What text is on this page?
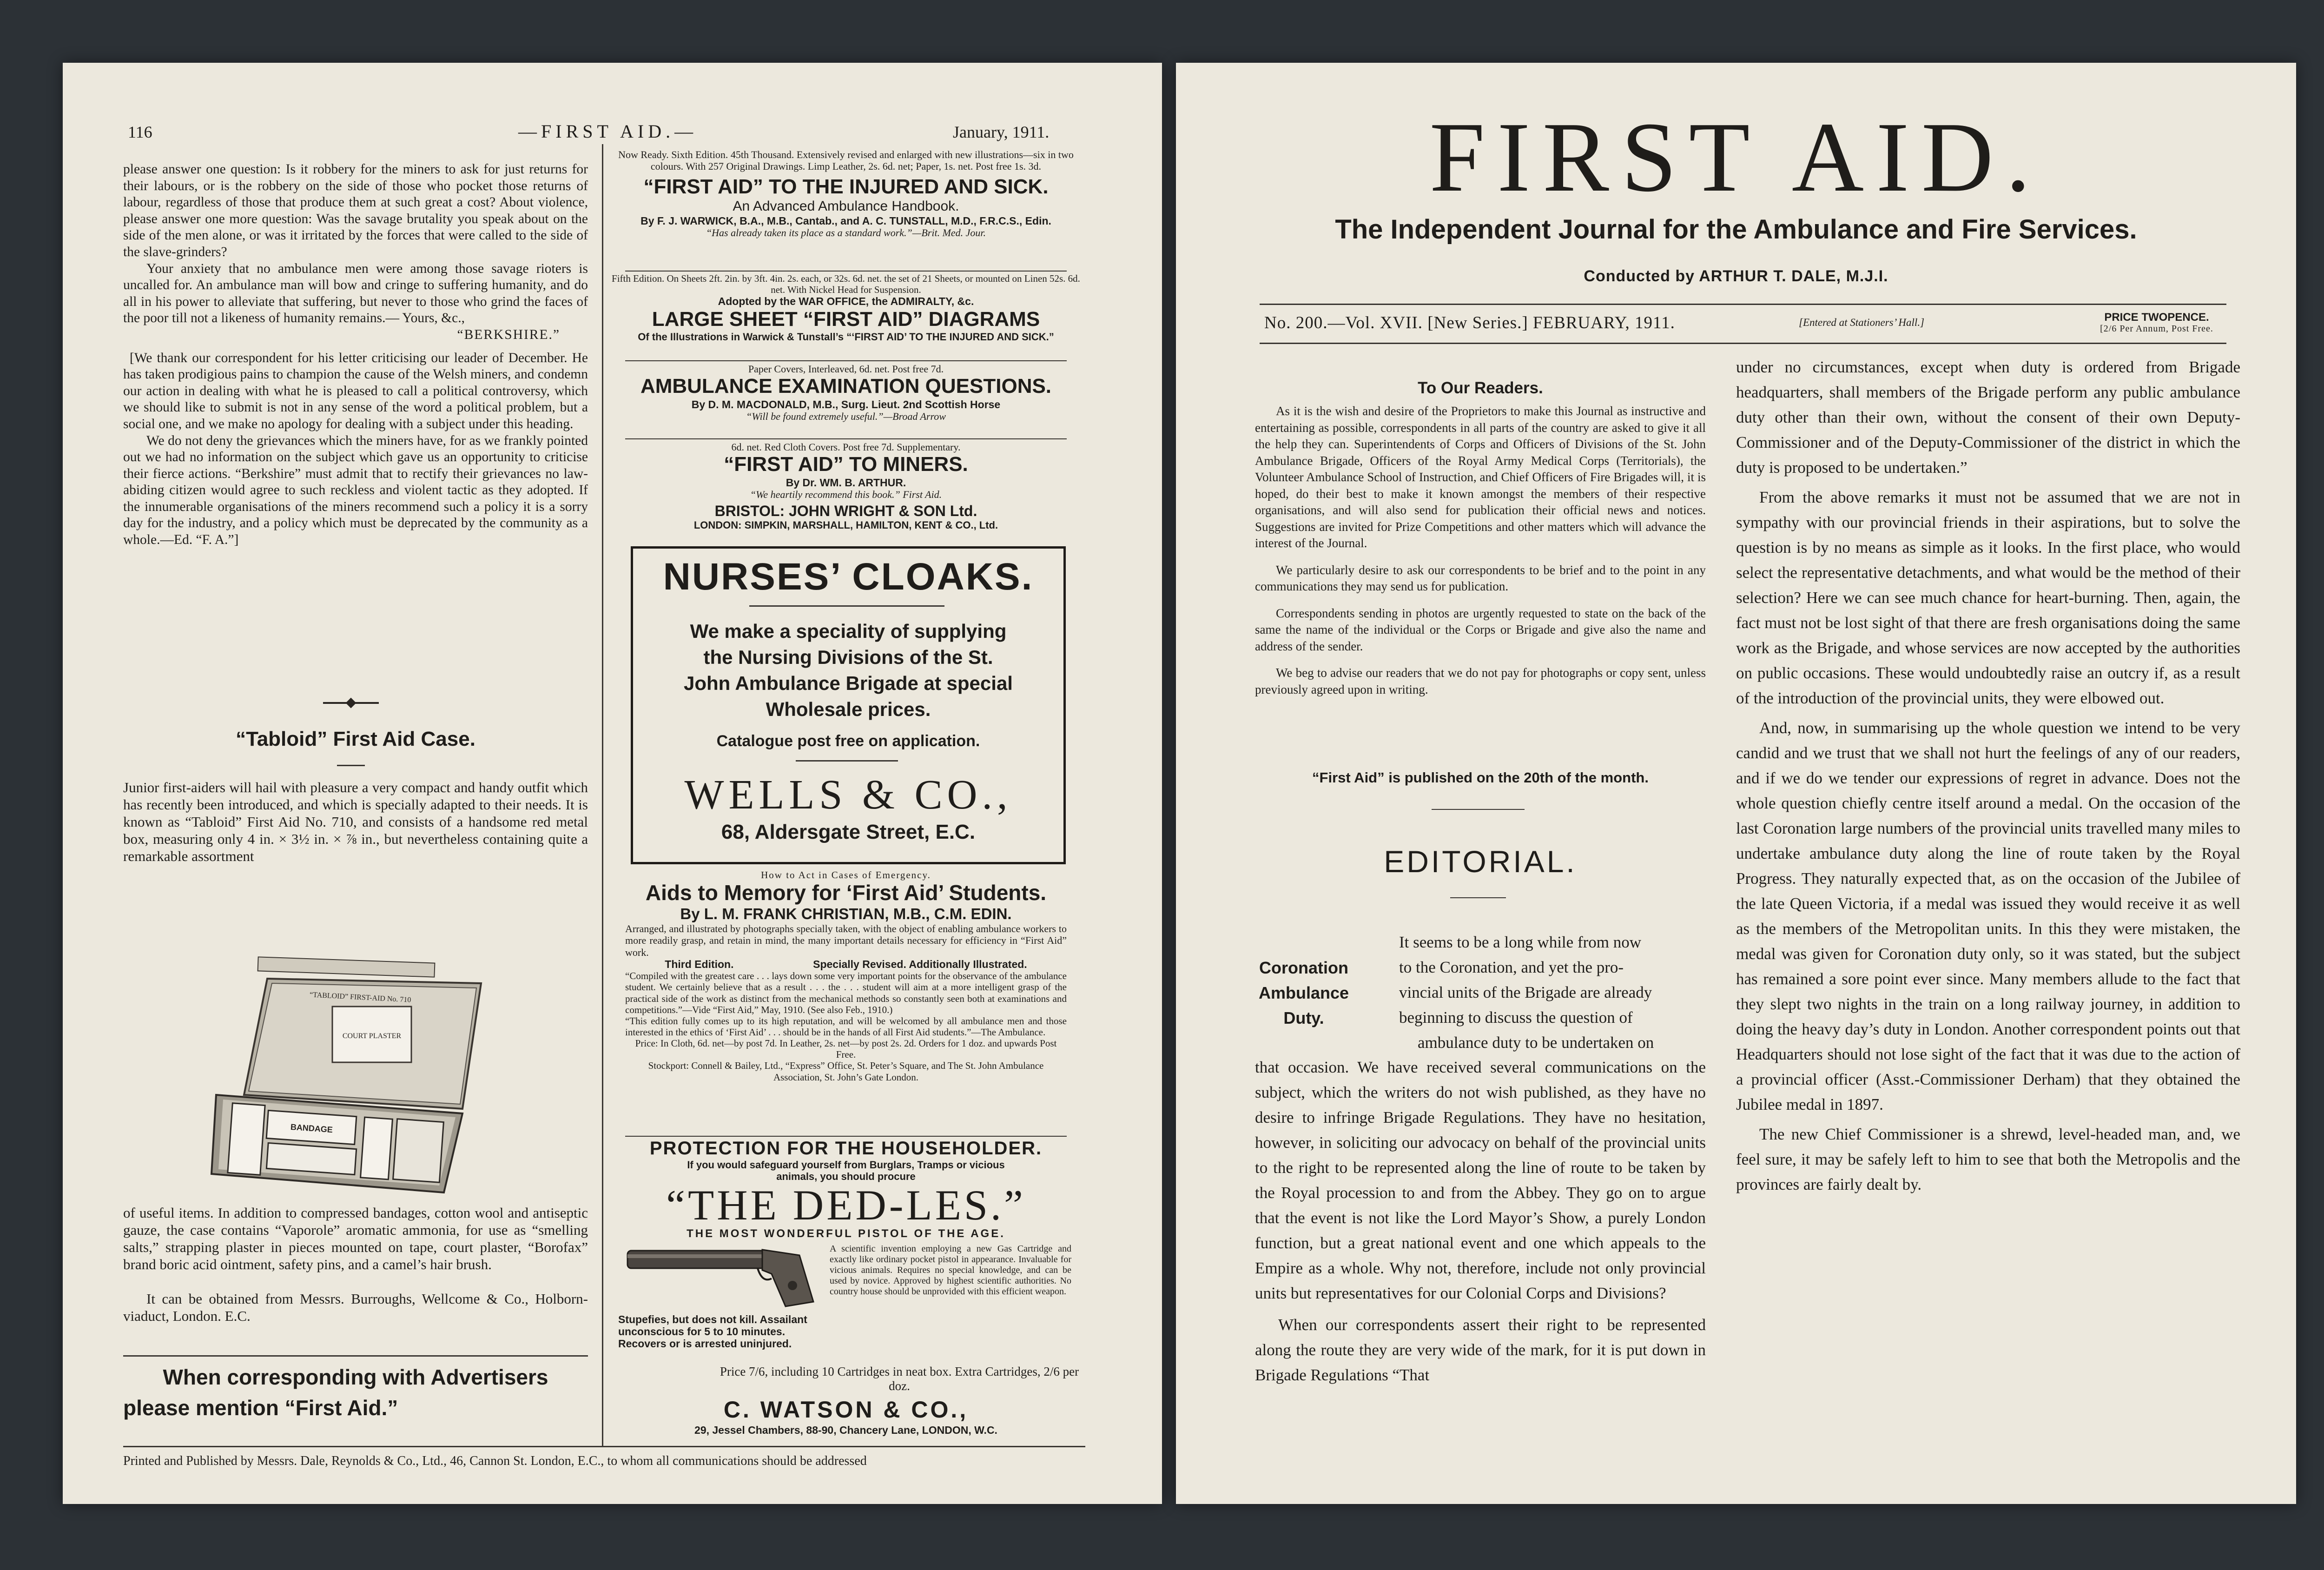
116	—FIRST AID.—	January, 1911.

please answer one question: Is it robbery for the miners to ask for just returns for their labours, or is the robbery on the side of those who pocket those returns of labour, regardless of those that produce them at such great a cost? About violence, please answer one more question: Was the savage brutality you speak about on the side of the men alone, or was it irritated by the forces that were called to the side of the slave-grinders?

Your anxiety that no ambulance men were among those savage rioters is uncalled for. An ambulance man will bow and cringe to suffering humanity, and do all in his power to alleviate that suffering, but never to those who grind the faces of the poor till not a likeness of humanity remains.— Yours, &c.,

“BERKSHIRE.”

[We thank our correspondent for his letter criticising our leader of December. He has taken prodigious pains to champion the cause of the Welsh miners, and condemn our action in dealing with what he is pleased to call a political controversy, which we should like to submit is not in any sense of the word a political problem, but a social one, and we make no apology for dealing with a subject under this heading.

We do not deny the grievances which the miners have, for as we frankly pointed out we had no information on the subject which gave us an opportunity to criticise their fierce actions. “Berkshire” must admit that to rectify their grievances no law-abiding citizen would agree to such reckless and violent tactic as they adopted. If the innumerable organisations of the miners recommend such a policy it is a sorry day for the industry, and a policy which must be deprecated by the community as a whole.—Ed. “F. A.”]

“Tabloid” First Aid Case.
Junior first-aiders will hail with pleasure a very compact and handy outfit which has recently been introduced, and which is specially adapted to their needs. It is known as “Tabloid” First Aid No. 710, and consists of a handsome red metal box, measuring only 4 in. × 3½ in. × ⅞ in., but nevertheless containing quite a remarkable assortment
COURT PLASTER
“TABLOID” FIRST-AID No. 710
BANDAGE
of useful items. In addition to compressed bandages, cotton wool and antiseptic gauze, the case contains “Vaporole” aromatic ammonia, for use as “smelling salts,” strapping plaster in pieces mounted on tape, court plaster, “Borofax” brand boric acid ointment, safety pins, and a camel’s hair brush.
It can be obtained from Messrs. Burroughs, Wellcome & Co., Holborn-viaduct, London. E.C.
When corresponding with Advertisers
please mention “First Aid.”
Now Ready. Sixth Edition. 45th Thousand. Extensively revised and enlarged with new illustrations—six in two colours. With 257 Original Drawings. Limp Leather, 2s. 6d. net; Paper, 1s. net. Post free 1s. 3d.
“FIRST AID” TO THE INJURED AND SICK.
An Advanced Ambulance Handbook.
By F. J. WARWICK, B.A., M.B., Cantab., and A. C. TUNSTALL, M.D., F.R.C.S., Edin.
“Has already taken its place as a standard work.”—Brit. Med. Jour.
Fifth Edition. On Sheets 2ft. 2in. by 3ft. 4in. 2s. each, or 32s. 6d. net. the set of 21 Sheets, or mounted on Linen 52s. 6d. net. With Nickel Head for Suspension.
Adopted by the WAR OFFICE, the ADMIRALTY, &c.
LARGE SHEET “FIRST AID” DIAGRAMS
Of the Illustrations in Warwick & Tunstall’s “‘FIRST AID’ TO THE INJURED AND SICK.”
Paper Covers, Interleaved, 6d. net. Post free 7d.
AMBULANCE EXAMINATION QUESTIONS.
By D. M. MACDONALD, M.B., Surg. Lieut. 2nd Scottish Horse
“Will be found extremely useful.”—Broad Arrow
6d. net. Red Cloth Covers. Post free 7d. Supplementary.
“FIRST AID” TO MINERS.
By Dr. WM. B. ARTHUR.
“We heartily recommend this book.” First Aid.
BRISTOL: JOHN WRIGHT & SON Ltd.
LONDON: SIMPKIN, MARSHALL, HAMILTON, KENT & CO., Ltd.
NURSES’ CLOAKS.
We make a speciality of supplying
the Nursing Divisions of the St.
John Ambulance Brigade at special
Wholesale prices.
Catalogue post free on application.
WELLS & CO.,
68, Aldersgate Street, E.C.
How to Act in Cases of Emergency.
Aids to Memory for ‘First Aid’ Students.
By L. M. FRANK CHRISTIAN, M.B., C.M. EDIN.
Arranged, and illustrated by photographs specially taken, with the object of enabling ambulance workers to more readily grasp, and retain in mind, the many important details necessary for efficiency in “First Aid” work.
Third Edition.	Specially Revised. Additionally Illustrated.
“Compiled with the greatest care . . . lays down some very important points for the observance of the ambulance student. We certainly believe that as a result . . . the . . . student will aim at a more intelligent grasp of the practical side of the work as distinct from the mechanical methods so constantly seen both at examinations and competitions.”—Vide “First Aid,” May, 1910. (See also Feb., 1910.)
“This edition fully comes up to its high reputation, and will be welcomed by all ambulance men and those interested in the ethics of ‘First Aid’ . . . should be in the hands of all First Aid students.”—The Ambulance.
Price: In Cloth, 6d. net—by post 7d. In Leather, 2s. net—by post 2s. 2d. Orders for 1 doz. and upwards Post Free.
Stockport: Connell & Bailey, Ltd., “Express” Office, St. Peter’s Square, and The St. John Ambulance Association, St. John’s Gate London.
PROTECTION FOR THE HOUSEHOLDER.
If you would safeguard yourself from Burglars, Tramps or vicious animals, you should procure
“THE DED-LES.”
THE MOST WONDERFUL PISTOL OF THE AGE.
A scientific invention employing a new Gas Cartridge and exactly like ordinary pocket pistol in appearance. Invaluable for vicious animals. Requires no special knowledge, and can be used by novice. Approved by highest scientific authorities. No country house should be unprovided with this efficient weapon.
Stupefies, but does not kill. Assailant unconscious for 5 to 10 minutes. Recovers or is arrested uninjured.
Price 7/6, including 10 Cartridges in neat box. Extra Cartridges, 2/6 per doz.
C. WATSON & CO.,
29, Jessel Chambers, 88-90, Chancery Lane, LONDON, W.C.
Printed and Published by Messrs. Dale, Reynolds & Co., Ltd., 46, Cannon St. London, E.C., to whom all communications should be addressed
FIRST AID.
The Independent Journal for the Ambulance and Fire Services.
Conducted by ARTHUR T. DALE, M.J.I.
No. 200.—Vol. XVII. [New Series.] FEBRUARY, 1911.	[Entered at Stationers’ Hall.]	PRICE TWOPENCE.
[2/6 Per Annum, Post Free.
To Our Readers.

As it is the wish and desire of the Proprietors to make this Journal as instructive and entertaining as possible, correspondents in all parts of the country are asked to give it all the help they can. Superintendents of Corps and Officers of Divisions of the St. John Ambulance Brigade, Officers of the Royal Army Medical Corps (Territorials), the Volunteer Ambulance School of Instruction, and Chief Officers of Fire Brigades will, it is hoped, do their best to make it known amongst the members of their respective organisations, and will also send for publication their official news and notices. Suggestions are invited for Prize Competitions and other matters which will advance the interest of the Journal.

We particularly desire to ask our correspondents to be brief and to the point in any communications they may send us for publication.

Correspondents sending in photos are urgently requested to state on the back of the same the name of the individual or the Corps or Brigade and give also the name and address of the sender.

We beg to advise our readers that we do not pay for photographs or copy sent, unless previously agreed upon in writing.

“First Aid” is published on the 20th of the month.
EDITORIAL.
Coronation
Ambulance
Duty.
It seems to be a long while from now
to the Coronation, and yet the pro-
vincial units of the Brigade are already
beginning to discuss the question of
ambulance duty to be undertaken on

that occasion. We have received several communications on the subject, which the writers do not wish published, as they have no desire to infringe Brigade Regulations. They have no hesitation, however, in soliciting our advocacy on behalf of the provincial units to the right to be represented along the line of route to be taken by the Royal procession to and from the Abbey. They go on to argue that the event is not like the Lord Mayor’s Show, a purely London function, but a great national event and one which appeals to the Empire as a whole. Why not, therefore, include not only provincial units but representatives for our Colonial Corps and Divisions?

When our correspondents assert their right to be represented along the route they are very wide of the mark, for it is put down in Brigade Regulations “That

under no circumstances, except when duty is ordered from Brigade headquarters, shall members of the Brigade perform any public ambulance duty other than their own, without the consent of their own Deputy-Commissioner and of the Deputy-Commissioner of the district in which the duty is proposed to be undertaken.”

From the above remarks it must not be assumed that we are not in sympathy with our provincial friends in their aspirations, but to solve the question is by no means as simple as it looks. In the first place, who would select the representative detachments, and what would be the method of their selection? Here we can see much chance for heart-burning. Then, again, the fact must not be lost sight of that there are fresh organisations doing the same work as the Brigade, and whose services are now accepted by the authorities on public occasions. These would undoubtedly raise an outcry if, as a result of the introduction of the provincial units, they were elbowed out.

And, now, in summarising up the whole question we intend to be very candid and we trust that we shall not hurt the feelings of any of our readers, and if we do we tender our expressions of regret in advance. Does not the whole question chiefly centre itself around a medal. On the occasion of the last Coronation large numbers of the provincial units travelled many miles to undertake ambulance duty along the line of route taken by the Royal Progress. They naturally expected that, as on the occasion of the Jubilee of the late Queen Victoria, if a medal was issued they would receive it as well as the members of the Metropolitan units. In this they were mistaken, the medal was given for Coronation duty only, so it was stated, but the subject has remained a sore point ever since. Many members allude to the fact that they slept two nights in the train on a long railway journey, in addition to doing the heavy day’s duty in London. Another correspondent points out that Headquarters should not lose sight of the fact that it was due to the action of a provincial officer (Asst.-Commissioner Derham) that they obtained the Jubilee medal in 1897.

The new Chief Commissioner is a shrewd, level-headed man, and, we feel sure, it may be safely left to him to see that both the Metropolis and the provinces are fairly dealt by.
